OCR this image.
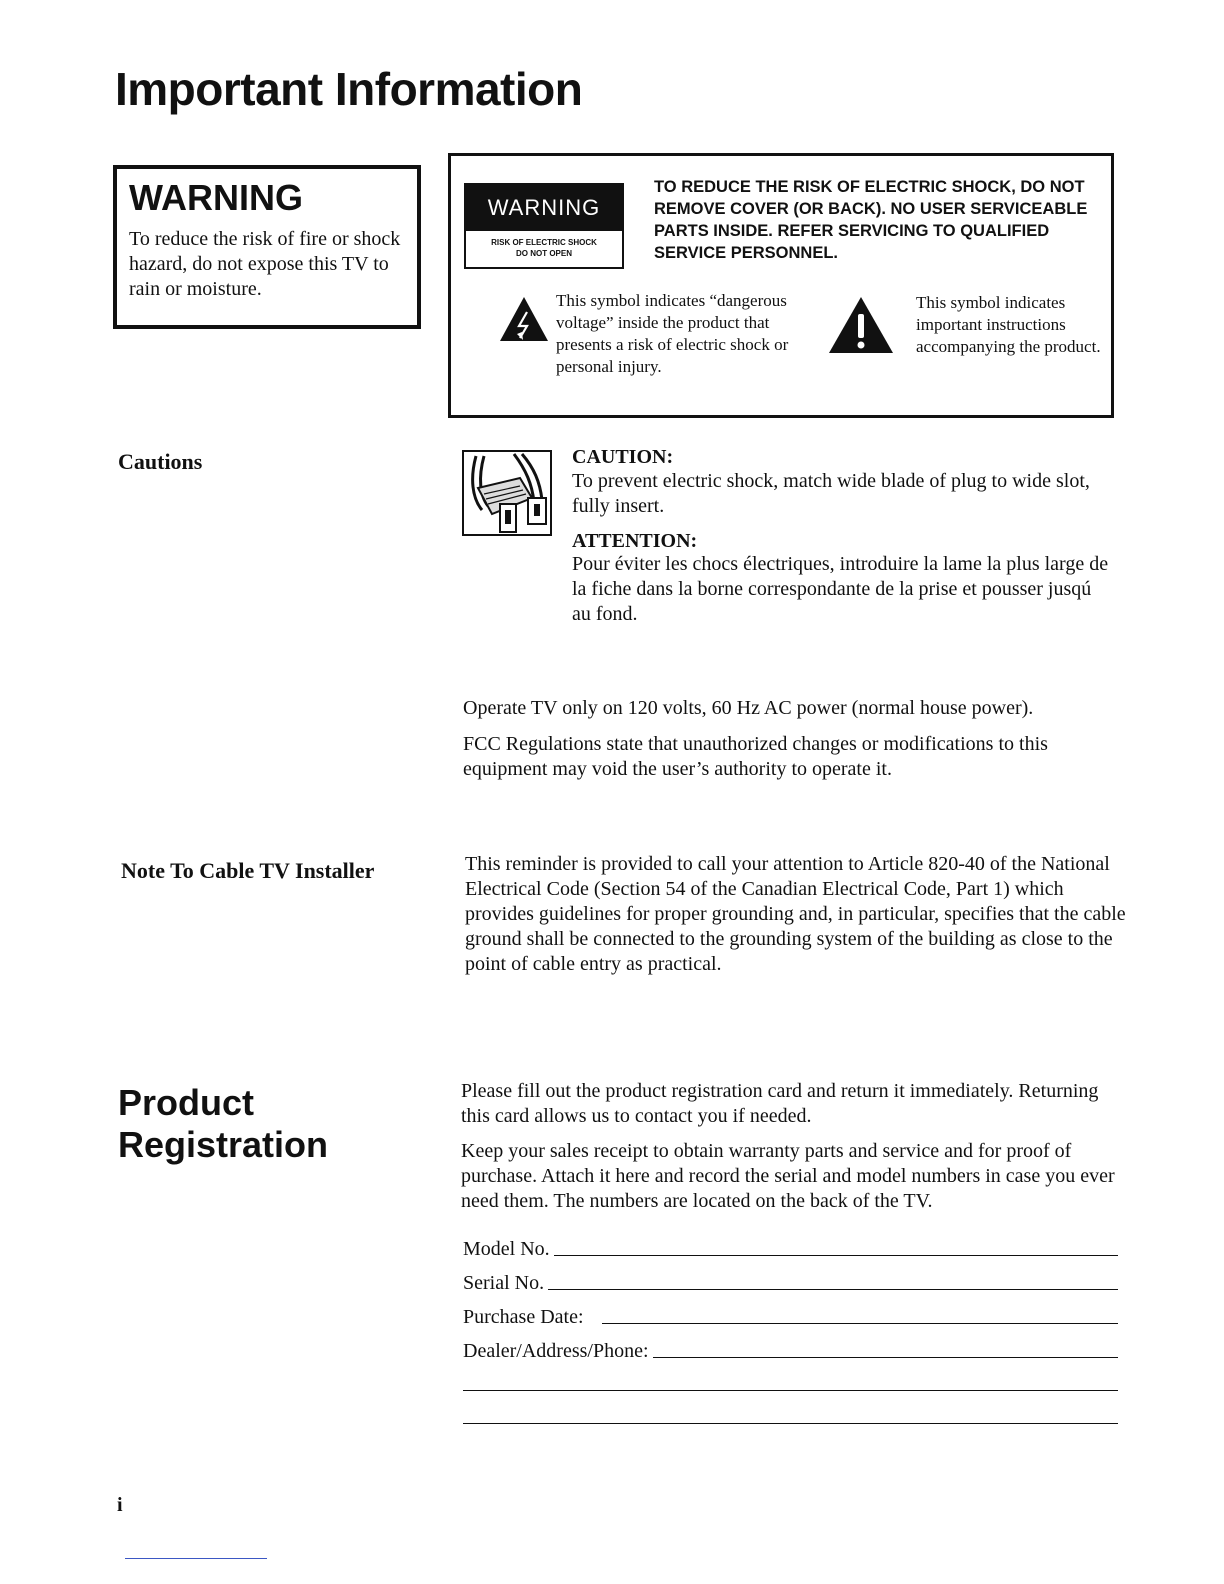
Important Information
WARNING
To reduce the risk of fire or shock hazard, do not expose this TV to rain or moisture.
WARNING
RISK OF ELECTRIC SHOCK
DO NOT OPEN
TO REDUCE THE RISK OF ELECTRIC SHOCK, DO NOT REMOVE COVER (OR BACK). NO USER SERVICEABLE PARTS INSIDE. REFER SERVICING TO QUALIFIED SERVICE PERSONNEL.
This symbol indicates “dangerous voltage” inside the product that presents a risk of electric shock or personal injury.
This symbol indicates important instructions accompanying the product.
Cautions	CAUTION:
To prevent electric shock, match wide blade of plug to wide slot, fully insert.
ATTENTION:
Pour éviter les chocs électriques, introduire la lame la plus large de la fiche dans la borne correspondante de la prise et pousser jusqú au fond.
Operate TV only on 120 volts, 60 Hz AC power (normal house power).
FCC Regulations state that unauthorized changes or modifications to this equipment may void the user’s authority to operate it.
Note To Cable TV Installer	This reminder is provided to call your attention to Article 820-40 of the National Electrical Code (Section 54 of the Canadian Electrical Code, Part 1) which provides guidelines for proper grounding and, in particular, specifies that the cable ground shall be connected to the grounding system of the building as close to the point of cable entry as practical.
Product
Registration
Please fill out the product registration card and return it immediately. Returning this card allows us to contact you if needed.
Keep your sales receipt to obtain warranty parts and service and for proof of purchase. Attach it here and record the serial and model numbers in case you ever need them. The numbers are located on the back of the TV.
Model No.
Serial No.
Purchase Date:
Dealer/Address/Phone:
i
